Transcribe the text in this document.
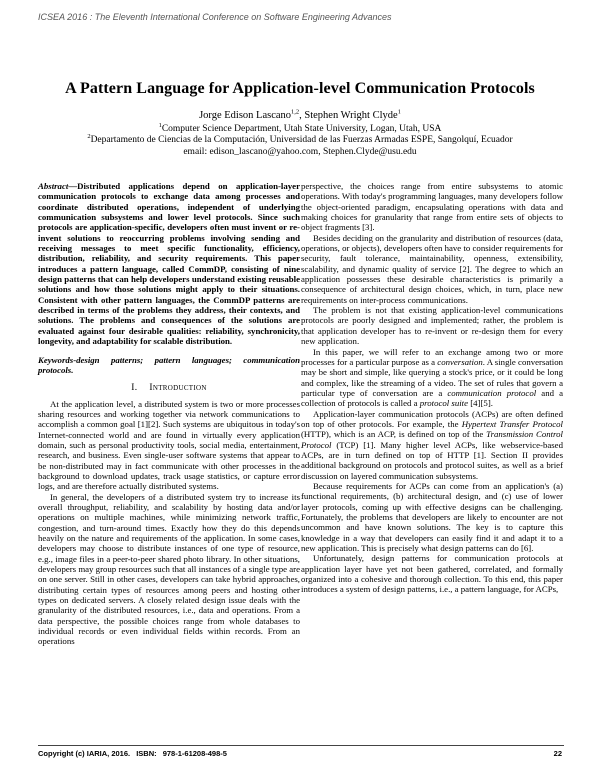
ICSEA 2016 : The Eleventh International Conference on Software Engineering Advances
A Pattern Language for Application-level Communication Protocols
Jorge Edison Lascano$^{1,2}$, Stephen Wright Clyde$^1$
$^1$Computer Science Department, Utah State University, Logan, Utah, USA
$^2$Departamento de Ciencias de la Computación, Universidad de las Fuerzas Armadas ESPE, Sangolquí, Ecuador
email: edison_lascano@yahoo.com, Stephen.Clyde@usu.edu

Abstract—Distributed applications depend on application-layer communication protocols to exchange data among processes and coordinate distributed operations, independent of underlying communication subsystems and lower level protocols. Since such protocols are application-specific, developers often must invent or re-invent solutions to reoccurring problems involving sending and receiving messages to meet specific functionality, efficiency, distribution, reliability, and security requirements. This paper introduces a pattern language, called CommDP, consisting of nine design patterns that can help developers understand existing reusable solutions and how those solutions might apply to their situations. Consistent with other pattern languages, the CommDP patterns are described in terms of the problems they address, their contexts, and solutions. The problems and consequences of the solutions are evaluated against four desirable qualities: reliability, synchronicity, longevity, and adaptability for scalable distribution.

Keywords-design patterns; pattern languages; communication protocols.

I. Introduction

At the application level, a distributed system is two or more processes sharing resources and working together via network communications to accomplish a common goal [1][2]. Such systems are ubiquitous in today's Internet-connected world and are found in virtually every application domain, such as personal productivity tools, social media, entertainment, research, and business. Even single-user software systems that appear to be non-distributed may in fact communicate with other processes in the background to download updates, track usage statistics, or capture error logs, and are therefore actually distributed systems.

In general, the developers of a distributed system try to increase its overall throughput, reliability, and scalability by hosting data and/or operations on multiple machines, while minimizing network traffic, congestion, and turn-around times. Exactly how they do this depends heavily on the nature and requirements of the application. In some cases, developers may choose to distribute instances of one type of resource, e.g., image files in a peer-to-peer shared photo library. In other situations, developers may group resources such that all instances of a single type are on one server. Still in other cases, developers can take hybrid approaches, distributing certain types of resources among peers and hosting other types on dedicated servers. A closely related design issue deals with the granularity of the distributed resources, i.e., data and operations. From a data perspective, the possible choices range from whole databases to individual records or even individual fields within records. From an operations

perspective, the choices range from entire subsystems to atomic operations. With today's programming languages, many developers follow the object-oriented paradigm, encapsulating operations with data and making choices for granularity that range from entire sets of objects to object fragments [3].

Besides deciding on the granularity and distribution of resources (data, operations, or objects), developers often have to consider requirements for security, fault tolerance, maintainability, openness, extensibility, scalability, and dynamic quality of service [2]. The degree to which an application possesses these desirable characteristics is primarily a consequence of architectural design choices, which, in turn, place new requirements on inter-process communications.

The problem is not that existing application-level communications protocols are poorly designed and implemented; rather, the problem is that application developer has to re-invent or re-design them for every new application.

In this paper, we will refer to an exchange among two or more processes for a particular purpose as a conversation. A single conversation may be short and simple, like querying a stock's price, or it could be long and complex, like the streaming of a video. The set of rules that govern a particular type of conversation are a communication protocol and a collection of protocols is called a protocol suite [4][5].

Application-layer communication protocols (ACPs) are often defined on top of other protocols. For example, the Hypertext Transfer Protocol (HTTP), which is an ACP, is defined on top of the Transmission Control Protocol (TCP) [1]. Many higher level ACPs, like webservice-based ACPs, are in turn defined on top of HTTP [1]. Section II provides additional background on protocols and protocol suites, as well as a brief discussion on layered communication subsystems.

Because requirements for ACPs can come from an application's (a) functional requirements, (b) architectural design, and (c) use of lower layer protocols, coming up with effective designs can be challenging. Fortunately, the problems that developers are likely to encounter are not uncommon and have known solutions. The key is to capture this knowledge in a way that developers can easily find it and adapt it to a new application. This is precisely what design patterns can do [6].

Unfortunately, design patterns for communication protocols at application layer have yet not been gathered, correlated, and formally organized into a cohesive and thorough collection. To this end, this paper introduces a system of design patterns, i.e., a pattern language, for ACPs,

Copyright (c) IARIA, 2016. ISBN: 978-1-61208-498-5	22
